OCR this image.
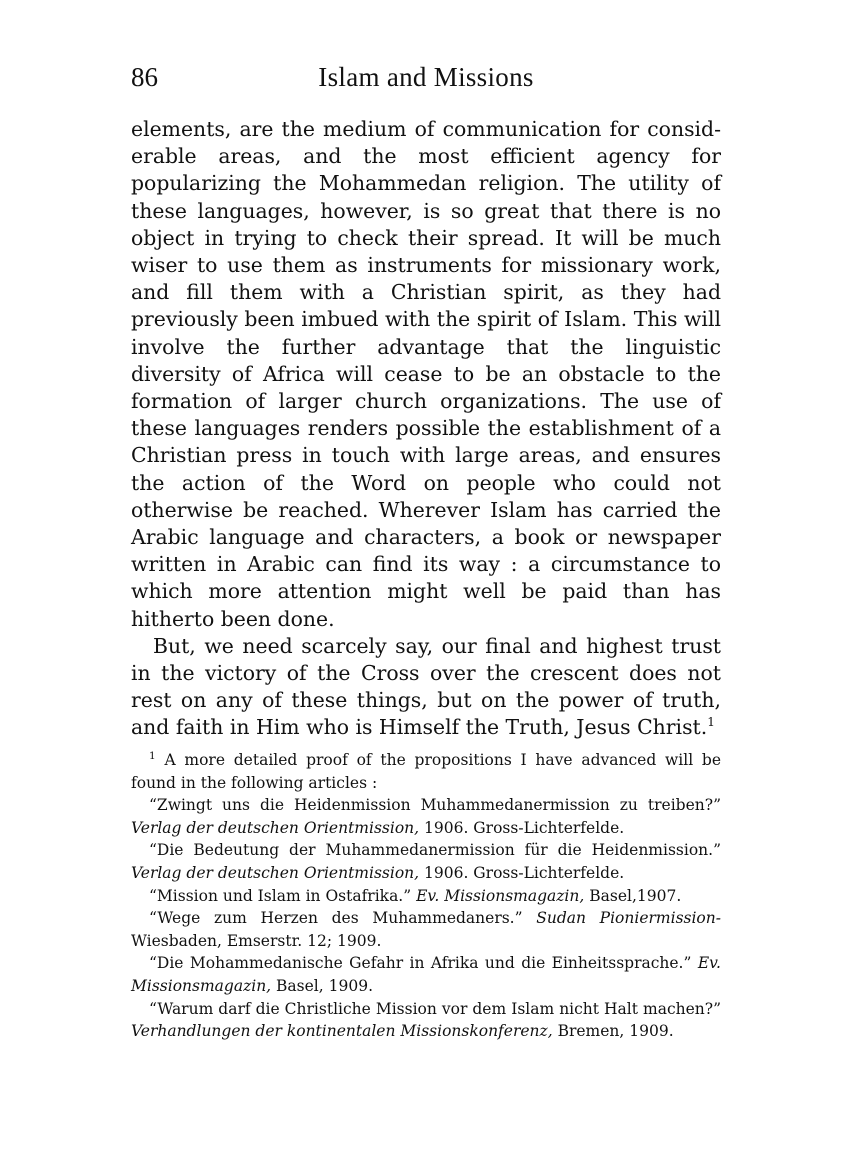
86	Islam and Missions

elements, are the medium of communication for considerable areas, and the most efficient agency for popularizing the Mohammedan religion. The utility of these languages, however, is so great that there is no object in trying to check their spread. It will be much wiser to use them as instruments for missionary work, and fill them with a Christian spirit, as they had previously been imbued with the spirit of Islam. This will involve the further advantage that the linguistic diversity of Africa will cease to be an obstacle to the formation of larger church organizations. The use of these languages renders possible the establishment of a Christian press in touch with large areas, and ensures the action of the Word on people who could not otherwise be reached. Wherever Islam has carried the Arabic language and characters, a book or newspaper written in Arabic can find its way : a circumstance to which more attention might well be paid than has hitherto been done.

But, we need scarcely say, our final and highest trust in the victory of the Cross over the crescent does not rest on any of these things, but on the power of truth, and faith in Him who is Himself the Truth, Jesus Christ.$^1$

$^1$ A more detailed proof of the propositions I have advanced will be found in the following articles :

“Zwingt uns die Heidenmission Muhammedanermission zu treiben?” Verlag der deutschen Orientmission, 1906. Gross-Lichterfelde.

“Die Bedeutung der Muhammedanermission für die Heidenmission.” Verlag der deutschen Orientmission, 1906. Gross-Lichterfelde.

“Mission und Islam in Ostafrika.” Ev. Missionsmagazin, Basel,1907.

“Wege zum Herzen des Muhammedaners.” Sudan Pioniermission- Wiesbaden, Emserstr. 12; 1909.

“Die Mohammedanische Gefahr in Afrika und die Einheitssprache.” Ev. Missionsmagazin, Basel, 1909.

“Warum darf die Christliche Mission vor dem Islam nicht Halt machen?” Verhandlungen der kontinentalen Missionskonferenz, Bremen, 1909.
